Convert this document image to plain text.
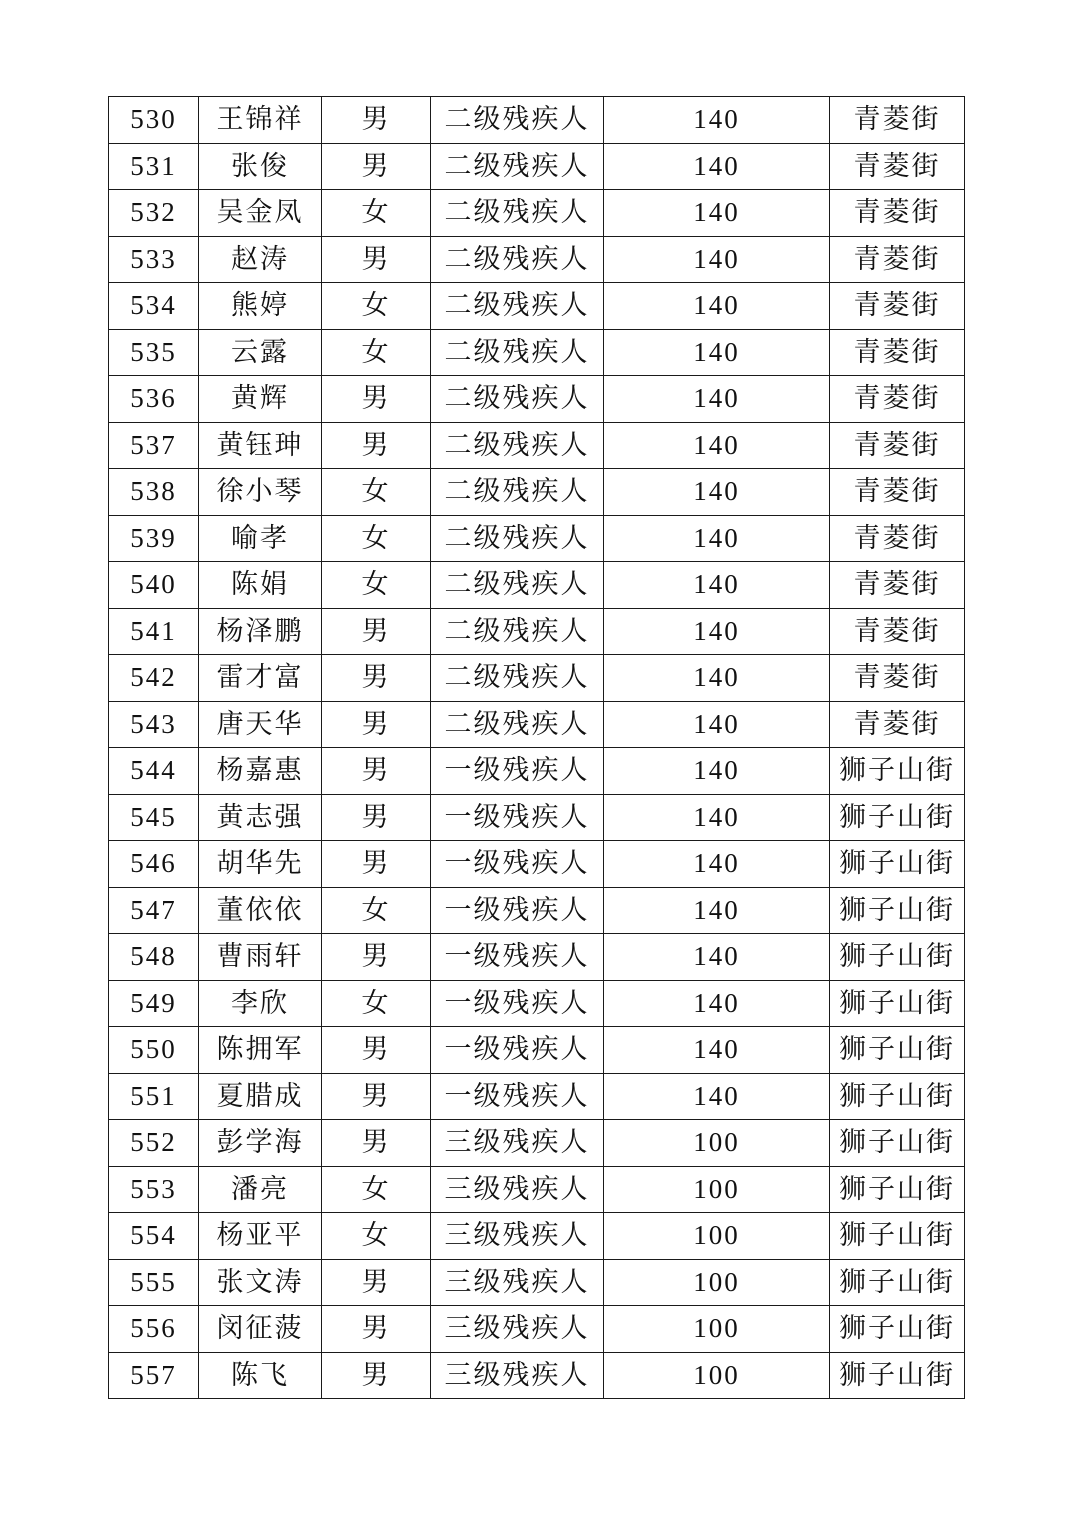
530	王锦祥	男	二级残疾人	140	青菱街
531	张俊	男	二级残疾人	140	青菱街
532	吴金凤	女	二级残疾人	140	青菱街
533	赵涛	男	二级残疾人	140	青菱街
534	熊婷	女	二级残疾人	140	青菱街
535	云露	女	二级残疾人	140	青菱街
536	黄辉	男	二级残疾人	140	青菱街
537	黄钰珅	男	二级残疾人	140	青菱街
538	徐小琴	女	二级残疾人	140	青菱街
539	喻孝	女	二级残疾人	140	青菱街
540	陈娟	女	二级残疾人	140	青菱街
541	杨泽鹏	男	二级残疾人	140	青菱街
542	雷才富	男	二级残疾人	140	青菱街
543	唐天华	男	二级残疾人	140	青菱街
544	杨嘉惠	男	一级残疾人	140	狮子山街
545	黄志强	男	一级残疾人	140	狮子山街
546	胡华先	男	一级残疾人	140	狮子山街
547	董依依	女	一级残疾人	140	狮子山街
548	曹雨轩	男	一级残疾人	140	狮子山街
549	李欣	女	一级残疾人	140	狮子山街
550	陈拥军	男	一级残疾人	140	狮子山街
551	夏腊成	男	一级残疾人	140	狮子山街
552	彭学海	男	三级残疾人	100	狮子山街
553	潘亮	女	三级残疾人	100	狮子山街
554	杨亚平	女	三级残疾人	100	狮子山街
555	张文涛	男	三级残疾人	100	狮子山街
556	闵征菠	男	三级残疾人	100	狮子山街
557	陈飞	男	三级残疾人	100	狮子山街
